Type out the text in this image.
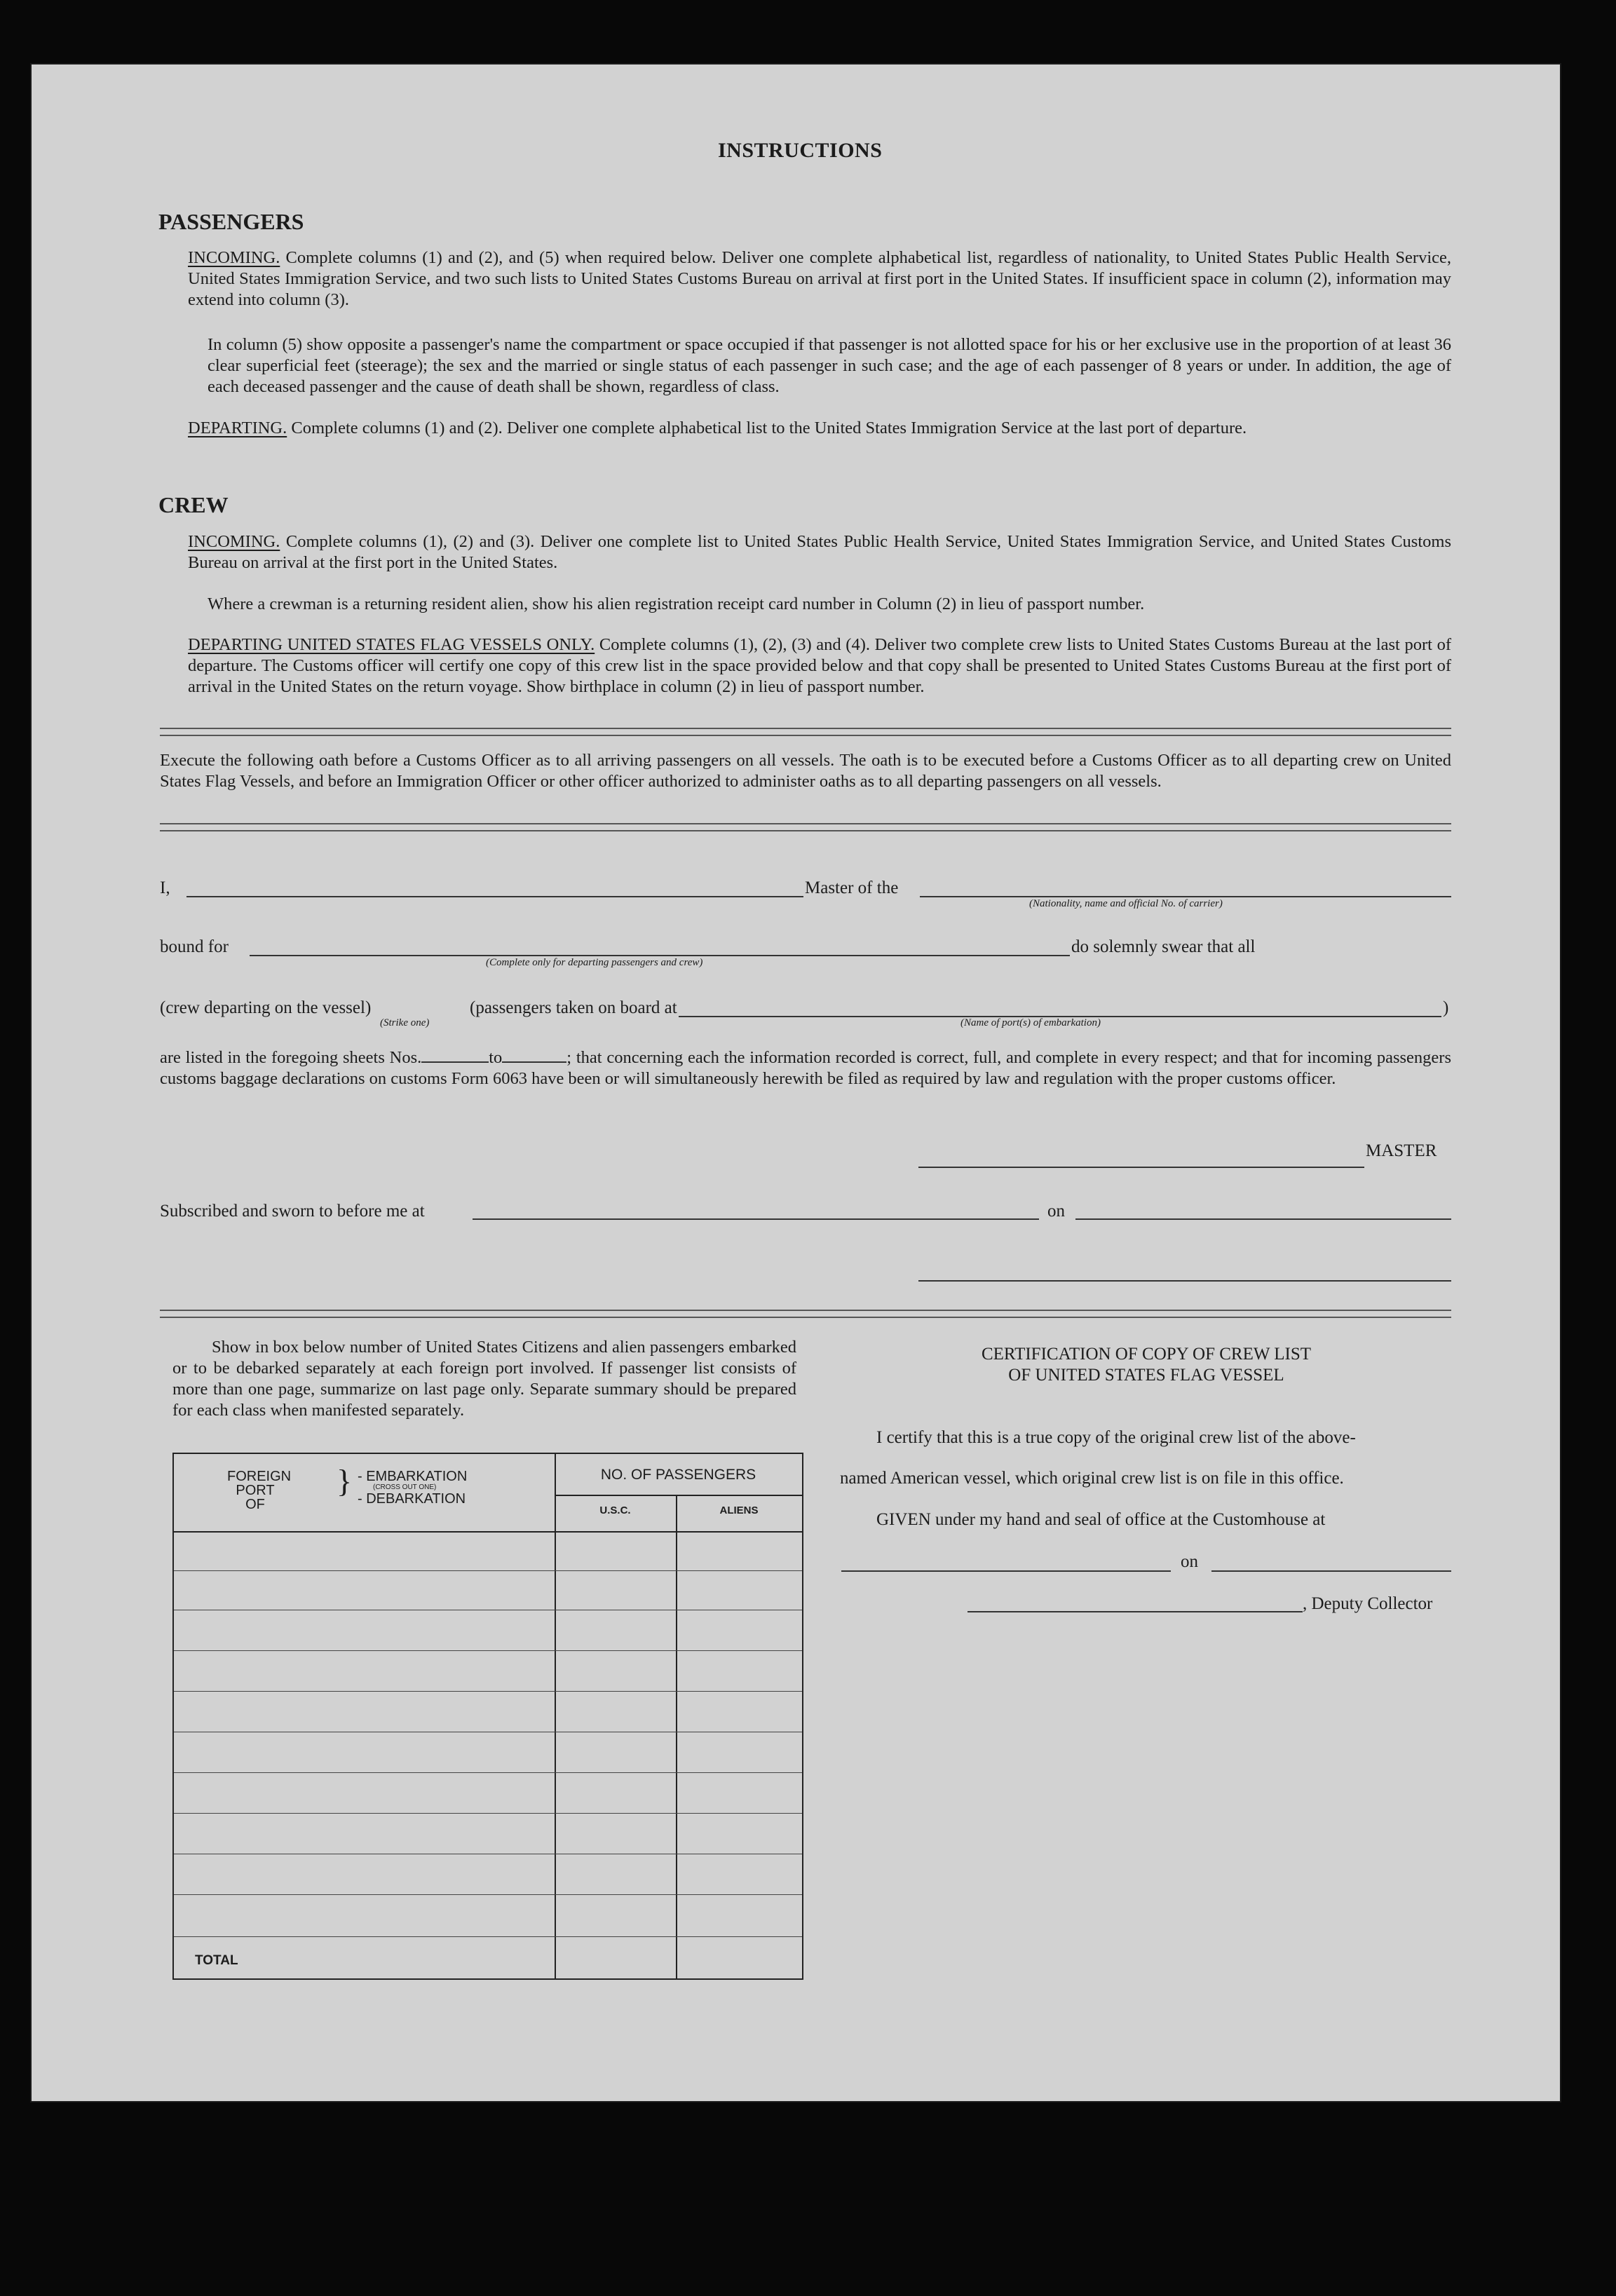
INSTRUCTIONS
PASSENGERS
INCOMING. Complete columns (1) and (2), and (5) when required below. Deliver one complete alphabetical list, regardless of nationality, to United States Public Health Service, United States Immigration Service, and two such lists to United States Customs Bureau on arrival at first port in the United States. If insufficient space in column (2), information may extend into column (3).
In column (5) show opposite a passenger's name the compartment or space occupied if that passenger is not allotted space for his or her exclusive use in the proportion of at least 36 clear superficial feet (steerage); the sex and the married or single status of each passenger in such case; and the age of each passenger of 8 years or under. In addition, the age of each deceased passenger and the cause of death shall be shown, regardless of class.
DEPARTING. Complete columns (1) and (2). Deliver one complete alphabetical list to the United States Immigration Service at the last port of departure.
CREW
INCOMING. Complete columns (1), (2) and (3). Deliver one complete list to United States Public Health Service, United States Immigration Service, and United States Customs Bureau on arrival at the first port in the United States.
Where a crewman is a returning resident alien, show his alien registration receipt card number in Column (2) in lieu of passport number.
DEPARTING UNITED STATES FLAG VESSELS ONLY. Complete columns (1), (2), (3) and (4). Deliver two complete crew lists to United States Customs Bureau at the last port of departure. The Customs officer will certify one copy of this crew list in the space provided below and that copy shall be presented to United States Customs Bureau at the first port of arrival in the United States on the return voyage. Show birthplace in column (2) in lieu of passport number.
Execute the following oath before a Customs Officer as to all arriving passengers on all vessels. The oath is to be executed before a Customs Officer as to all departing crew on United States Flag Vessels, and before an Immigration Officer or other officer authorized to administer oaths as to all departing passengers on all vessels.
I,	Master of the
(Nationality, name and official No. of carrier)
bound for	do solemnly swear that all
(Complete only for departing passengers and crew)
(crew departing on the vessel)	(passengers taken on board at	)
(Strike one)	(Name of port(s) of embarkation)
are listed in the foregoing sheets Nos.	to	; that concerning each the information recorded is correct, full, and complete in every respect; and that for incoming passengers customs baggage declarations on customs Form 6063 have been or will simultaneously herewith be filed as required by law and regulation with the proper customs officer.
MASTER
Subscribed and sworn to before me at	on
Show in box below number of United States Citizens and alien passengers embarked or to be debarked separately at each foreign port involved. If passenger list consists of more than one page, summarize on last page only. Separate summary should be prepared for each class when manifested separately.
FOREIGN
PORT
OF
} - EMBARKATION
(CROSS OUT ONE)
- DEBARKATION
NO. OF PASSENGERS
U.S.C.	ALIENS
TOTAL
CERTIFICATION OF COPY OF CREW LIST
OF UNITED STATES FLAG VESSEL
I certify that this is a true copy of the original crew list of the above-
named American vessel, which original crew list is on file in this office.
GIVEN under my hand and seal of office at the Customhouse at
on
, Deputy Collector
